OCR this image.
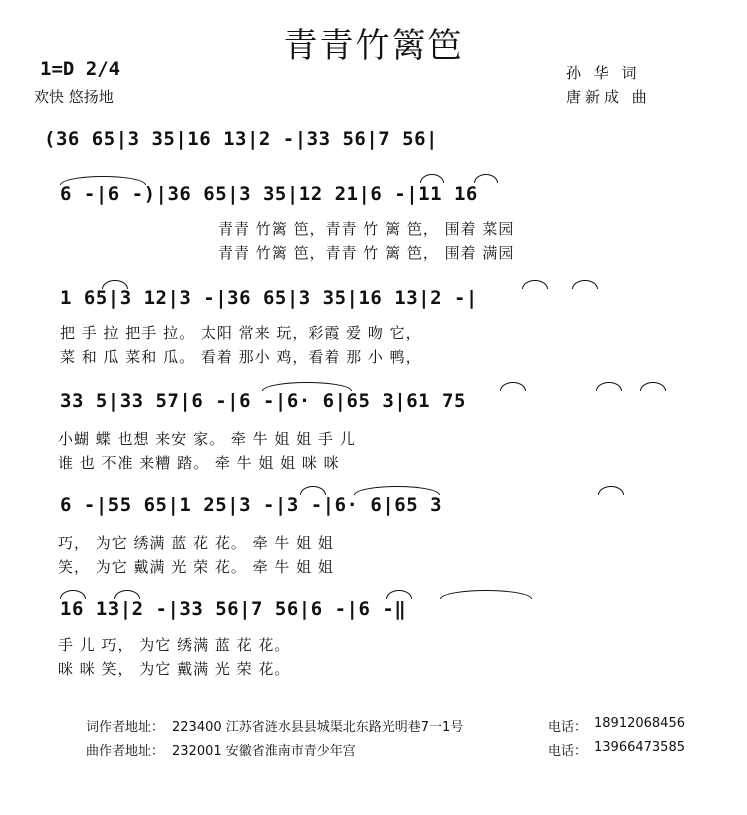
青青竹篱笆
1=D 2/4
欢快 悠扬地
孙 华 词
唐新成 曲
(36 65|3 35|16 13|2 -|33 56|7 56|
6 -|6 -)|36 65|3 35|12 21|6 -|11 16
青青 竹篱 笆，青青 竹 篱 笆， 围着 菜园
青青 竹篱 笆，青青 竹 篱 笆， 围着 满园
1 65|3 12|3 -|36 65|3 35|16 13|2 -|
把 手 拉 把手 拉。 太阳 常来 玩，彩霞 爱 吻 它，
菜 和 瓜 菜和 瓜。 看着 那小 鸡，看着 那 小 鸭，
33 5|33 57|6 -|6 -|6· 6|65 3|61 75
小蝴 蝶 也想 来安 家。 牵 牛 姐 姐 手 儿
谁 也 不准 来糟 踏。 牵 牛 姐 姐 咪 咪
6 -|55 65|1 25|3 -|3 -|6· 6|65 3
巧， 为它 绣满 蓝 花 花。 牵 牛 姐 姐
笑， 为它 戴满 光 荣 花。 牵 牛 姐 姐
16 13|2 -|33 56|7 56|6 -|6 -‖
手 儿 巧， 为它 绣满 蓝 花 花。
咪 咪 笑， 为它 戴满 光 荣 花。
词作者地址： 223400 江苏省涟水县县城渠北东路光明巷7一1号	电话： 18912068456
曲作者地址： 232001 安徽省淮南市青少年宫	电话： 13966473585
